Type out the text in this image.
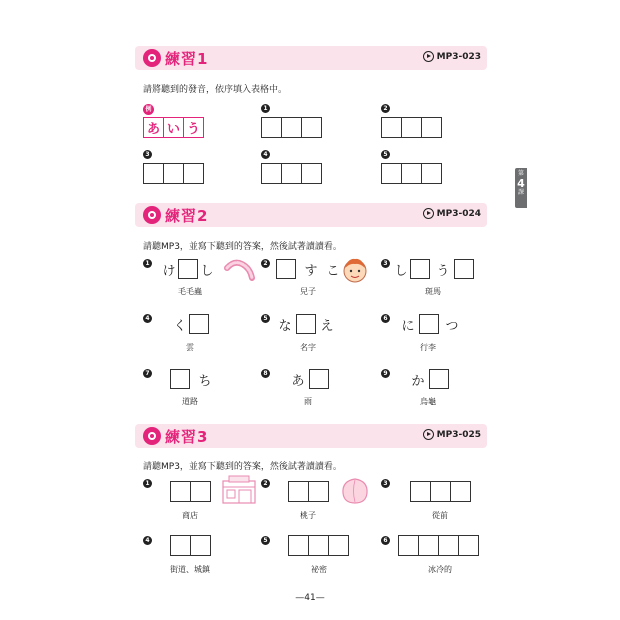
第
4
課
練習1	MP3-023
請將聽到的發音，依序填入表格中。
例
あ い う
1	2
3	4	5
練習2	MP3-024
請聽MP3，並寫下聽到的答案，然後試著讀讀看。
1 け し
毛毛蟲
2	す こ
兒子
3 し う
斑馬
4 く
雲
5 な え
名字
6 に つ
行李
7	ち
道路
8 あ
雨
9 か
烏龜
練習3	MP3-025
請聽MP3，並寫下聽到的答案，然後試著讀讀看。
1
商店
2
桃子
3
從前
4
街道、城鎮
5
祕密
6
冰冷的
—41—
